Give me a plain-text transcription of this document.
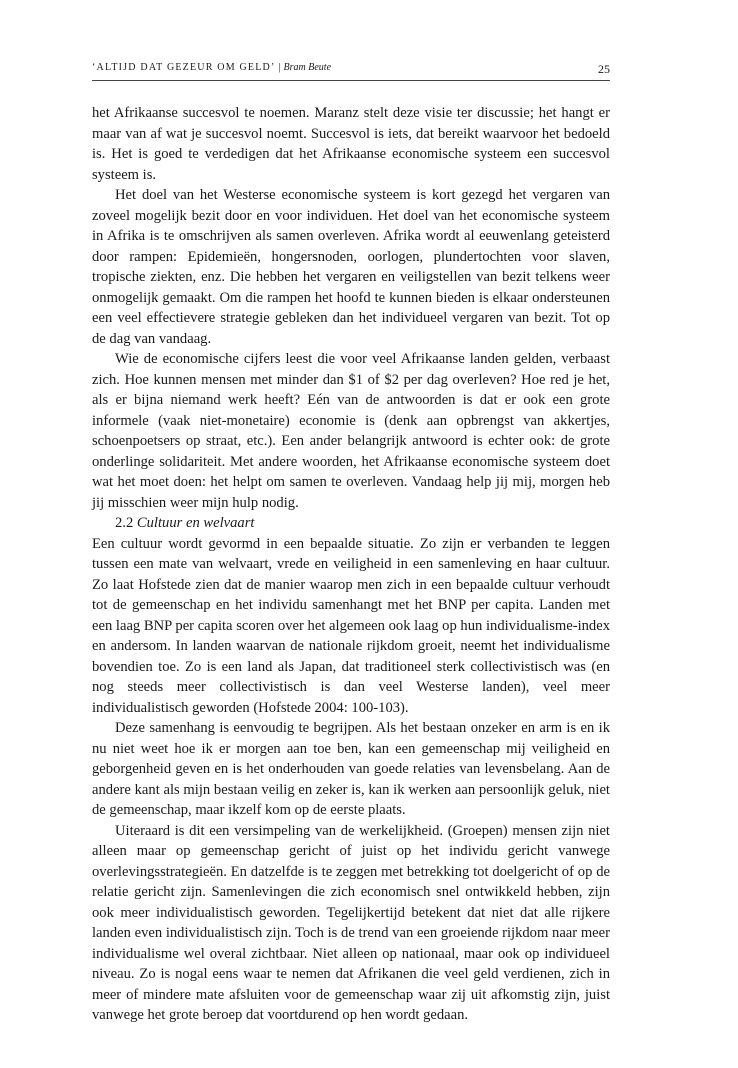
‘ALTIJD DAT GEZEUR OM GELD’ | Bram Beute	25

het Afrikaanse succesvol te noemen. Maranz stelt deze visie ter discussie; het hangt er maar van af wat je succesvol noemt. Succesvol is iets, dat bereikt waarvoor het bedoeld is. Het is goed te verdedigen dat het Afrikaanse economische systeem een succesvol systeem is.

Het doel van het Westerse economische systeem is kort gezegd het vergaren van zoveel mogelijk bezit door en voor individuen. Het doel van het economische systeem in Afrika is te omschrijven als samen overleven. Afrika wordt al eeuwenlang geteisterd door rampen: Epidemieën, hongersnoden, oorlogen, plundertochten voor slaven, tropische ziekten, enz. Die hebben het vergaren en veiligstellen van bezit telkens weer onmogelijk gemaakt. Om die rampen het hoofd te kunnen bieden is elkaar ondersteunen een veel effectievere strategie gebleken dan het individueel vergaren van bezit. Tot op de dag van vandaag.

Wie de economische cijfers leest die voor veel Afrikaanse landen gelden, verbaast zich. Hoe kunnen mensen met minder dan $1 of $2 per dag overleven? Hoe red je het, als er bijna niemand werk heeft? Eén van de antwoorden is dat er ook een grote informele (vaak niet-monetaire) economie is (denk aan opbrengst van akkertjes, schoenpoetsers op straat, etc.). Een ander belangrijk antwoord is echter ook: de grote onderlinge solidariteit. Met andere woorden, het Afrikaanse economische systeem doet wat het moet doen: het helpt om samen te overleven. Vandaag help jij mij, morgen heb jij misschien weer mijn hulp nodig.

2.2 Cultuur en welvaart

Een cultuur wordt gevormd in een bepaalde situatie. Zo zijn er verbanden te leggen tussen een mate van welvaart, vrede en veiligheid in een samenleving en haar cultuur. Zo laat Hofstede zien dat de manier waarop men zich in een bepaalde cultuur verhoudt tot de gemeenschap en het individu samenhangt met het BNP per capita. Landen met een laag BNP per capita scoren over het algemeen ook laag op hun individualisme-index en andersom. In landen waarvan de nationale rijkdom groeit, neemt het individualisme bovendien toe. Zo is een land als Japan, dat traditioneel sterk collectivistisch was (en nog steeds meer collectivistisch is dan veel Westerse landen), veel meer individualistisch geworden (Hofstede 2004: 100-103).

Deze samenhang is eenvoudig te begrijpen. Als het bestaan onzeker en arm is en ik nu niet weet hoe ik er morgen aan toe ben, kan een gemeenschap mij veiligheid en geborgenheid geven en is het onderhouden van goede relaties van levensbelang. Aan de andere kant als mijn bestaan veilig en zeker is, kan ik werken aan persoonlijk geluk, niet de gemeenschap, maar ikzelf kom op de eerste plaats.

Uiteraard is dit een versimpeling van de werkelijkheid. (Groepen) mensen zijn niet alleen maar op gemeenschap gericht of juist op het individu gericht vanwege overlevingsstrategieën. En datzelfde is te zeggen met betrekking tot doelgericht of op de relatie gericht zijn. Samenlevingen die zich economisch snel ontwikkeld hebben, zijn ook meer individualistisch geworden. Tegelijkertijd betekent dat niet dat alle rijkere landen even individualistisch zijn. Toch is de trend van een groeiende rijkdom naar meer individualisme wel overal zichtbaar. Niet alleen op nationaal, maar ook op individueel niveau. Zo is nogal eens waar te nemen dat Afrikanen die veel geld verdienen, zich in meer of mindere mate afsluiten voor de gemeenschap waar zij uit afkomstig zijn, juist vanwege het grote beroep dat voortdurend op hen wordt gedaan.
